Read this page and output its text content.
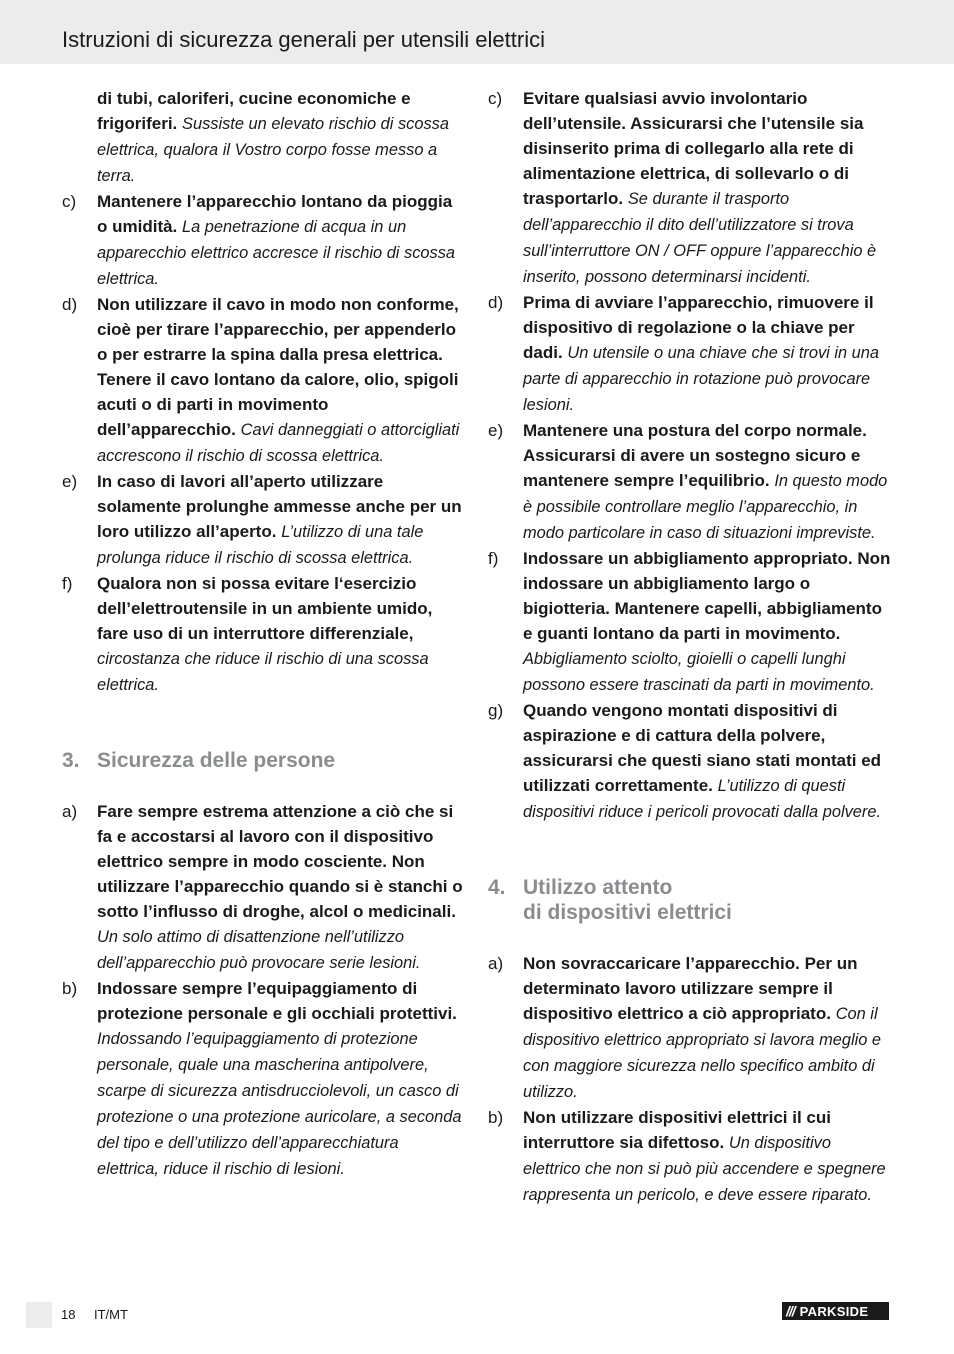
Istruzioni di sicurezza generali per utensili elettrici
di tubi, caloriferi, cucine economiche e frigoriferi. Sussiste un elevato rischio di scossa elettrica, qualora il Vostro corpo fosse messo a terra.
c) Mantenere l’apparecchio lontano da pioggia o umidità. La penetrazione di acqua in un apparecchio elettrico accresce il rischio di scossa elettrica.
d) Non utilizzare il cavo in modo non conforme, cioè per tirare l’apparecchio, per appenderlo o per estrarre la spina dalla presa elettrica. Tenere il cavo lontano da calore, olio, spigoli acuti o di parti in movimento dell’apparecchio. Cavi danneggiati o attorcigliati accrescono il rischio di scossa elettrica.
e) In caso di lavori all’aperto utilizzare solamente prolunghe ammesse anche per un loro utilizzo all’aperto. L’utilizzo di una tale prolunga riduce il rischio di scossa elettrica.
f) Qualora non si possa evitare l‘esercizio dell’elettroutensile in un ambiente umido, fare uso di un interruttore differenziale, circostanza che riduce il rischio di una scossa elettrica.
3. Sicurezza delle persone
a) Fare sempre estrema attenzione a ciò che si fa e accostarsi al lavoro con il dispositivo elettrico sempre in modo cosciente. Non utilizzare l’apparecchio quando si è stanchi o sotto l’influsso di droghe, alcol o medicinali. Un solo attimo di disattenzione nell’utilizzo dell’apparecchio può provocare serie lesioni.
b) Indossare sempre l’equipaggiamento di protezione personale e gli occhiali protettivi. Indossando l’equipaggiamento di protezione personale, quale una mascherina antipolvere, scarpe di sicurezza antisdrucciolevoli, un casco di protezione o una protezione auricolare, a seconda del tipo e dell’utilizzo dell’apparecchiatura elettrica, riduce il rischio di lesioni.
c) Evitare qualsiasi avvio involontario dell’utensile. Assicurarsi che l’utensile sia disinserito prima di collegarlo alla rete di alimentazione elettrica, di sollevarlo o di trasportarlo. Se durante il trasporto dell’apparecchio il dito dell’utilizzatore si trova sull’interruttore ON / OFF oppure l’apparecchio è inserito, possono determinarsi incidenti.
d) Prima di avviare l’apparecchio, rimuovere il dispositivo di regolazione o la chiave per dadi. Un utensile o una chiave che si trovi in una parte di apparecchio in rotazione può provocare lesioni.
e) Mantenere una postura del corpo normale. Assicurarsi di avere un sostegno sicuro e mantenere sempre l’equilibrio. In questo modo è possibile controllare meglio l’apparecchio, in modo particolare in caso di situazioni impreviste.
f) Indossare un abbigliamento appropriato. Non indossare un abbigliamento largo o bigiotteria. Mantenere capelli, abbigliamento e guanti lontano da parti in movimento. Abbigliamento sciolto, gioielli o capelli lunghi possono essere trascinati da parti in movimento.
g) Quando vengono montati dispositivi di aspirazione e di cattura della polvere, assicurarsi che questi siano stati montati ed utilizzati correttamente. L’utilizzo di questi dispositivi riduce i pericoli provocati dalla polvere.
4. Utilizzo attento
di dispositivi elettrici
a) Non sovraccaricare l’apparecchio. Per un determinato lavoro utilizzare sempre il dispositivo elettrico a ciò appropriato. Con il dispositivo elettrico appropriato si lavora meglio e con maggiore sicurezza nello specifico ambito di utilizzo.
b) Non utilizzare dispositivi elettrici il cui interruttore sia difettoso. Un dispositivo elettrico che non si può più accendere e spegnere rappresenta un pericolo, e deve essere riparato.
18 IT/MT	/// PARKSIDE
